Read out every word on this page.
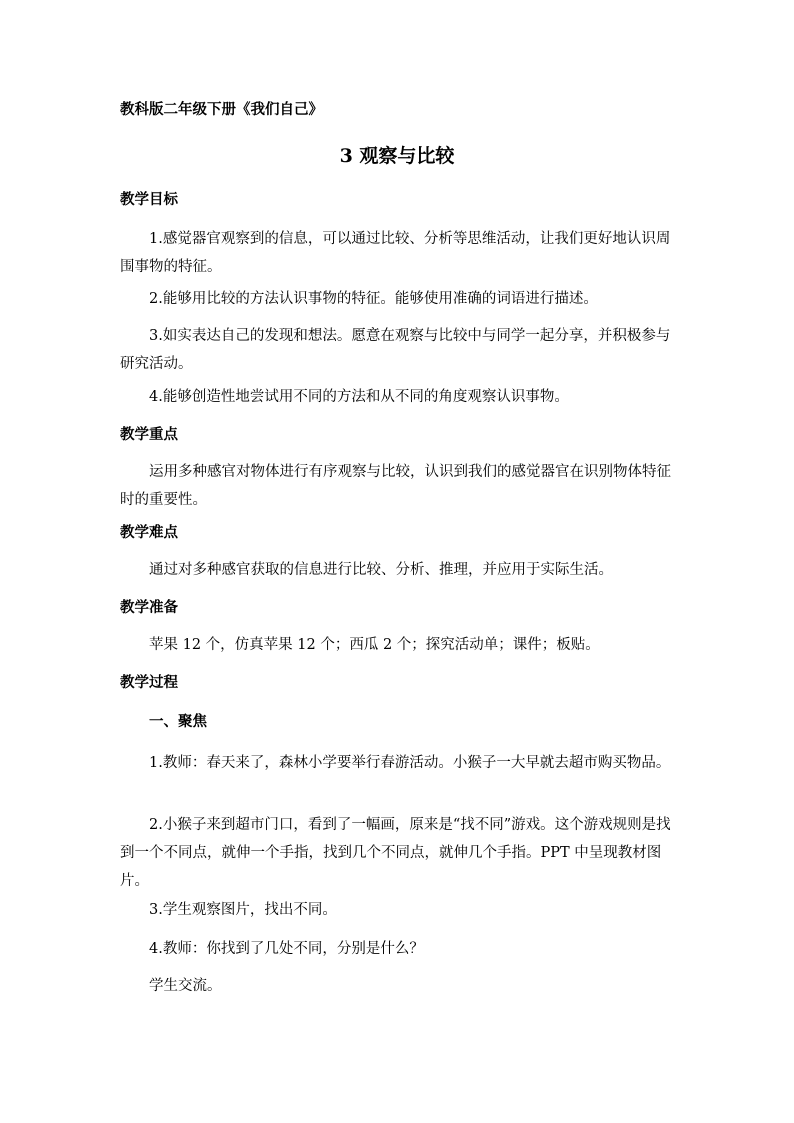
教科版二年级下册《我们自己》
3 观察与比较
教学目标
1.感觉器官观察到的信息，可以通过比较、分析等思维活动，让我们更好地认识周围事物的特征。
2.能够用比较的方法认识事物的特征。能够使用准确的词语进行描述。
3.如实表达自己的发现和想法。愿意在观察与比较中与同学一起分享，并积极参与研究活动。
4.能够创造性地尝试用不同的方法和从不同的角度观察认识事物。
教学重点
运用多种感官对物体进行有序观察与比较，认识到我们的感觉器官在识别物体特征时的重要性。
教学难点
通过对多种感官获取的信息进行比较、分析、推理，并应用于实际生活。
教学准备
苹果 12 个，仿真苹果 12 个；西瓜 2 个；探究活动单；课件；板贴。
教学过程
一、聚焦
1.教师：春天来了，森林小学要举行春游活动。小猴子一大早就去超市购买物品。
2.小猴子来到超市门口，看到了一幅画，原来是“找不同”游戏。这个游戏规则是找到一个不同点，就伸一个手指，找到几个不同点，就伸几个手指。PPT 中呈现教材图片。
3.学生观察图片，找出不同。
4.教师：你找到了几处不同，分别是什么？
学生交流。
